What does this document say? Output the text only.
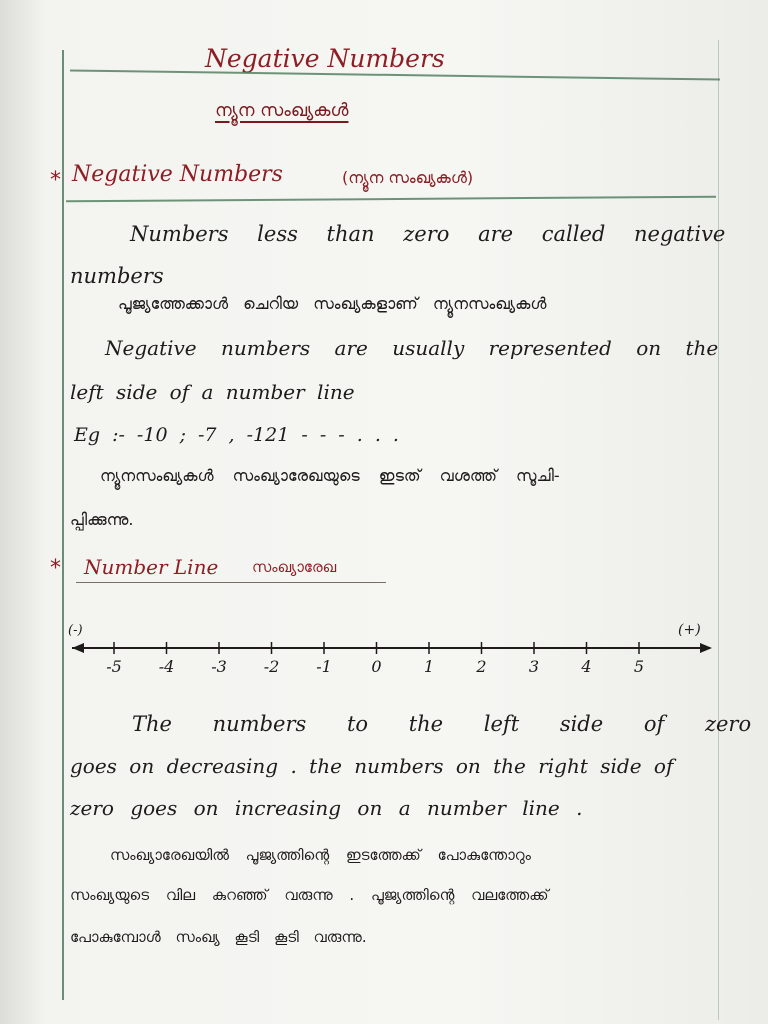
Negative Numbers
ന്യൂന സംഖ്യകൾ
* Negative Numbers	(ന്യൂന സംഖ്യകൾ)
Numbers less than zero are called negative
numbers
പൂജ്യത്തേക്കാൾ ചെറിയ സംഖ്യകളാണ് ന്യൂനസംഖ്യകൾ
Negative numbers are usually represented on the
left side of a number line
Eg :- -10 ; -7 , -121 - - - . . .
ന്യൂനസംഖ്യകൾ സംഖ്യാരേഖയുടെ ഇടത് വശത്ത് സൂചി-
പ്പിക്കുന്നു.
* Number Line സംഖ്യാരേഖ
(-)	(+)
-5 -4 -3 -2 -1 0	1	2	3	4	5
The numbers to the left side of zero
goes on decreasing . the numbers on the right side of
zero goes on increasing on a number line .
സംഖ്യാരേഖയിൽ പൂജ്യത്തിന്റെ ഇടത്തേക്ക് പോകുന്തോറും
സംഖ്യയുടെ വില കുറഞ്ഞ് വരുന്നു . പൂജ്യത്തിന്റെ വലത്തേക്ക്
പോകുമ്പോൾ സംഖ്യ കൂടി കൂടി വരുന്നു.
